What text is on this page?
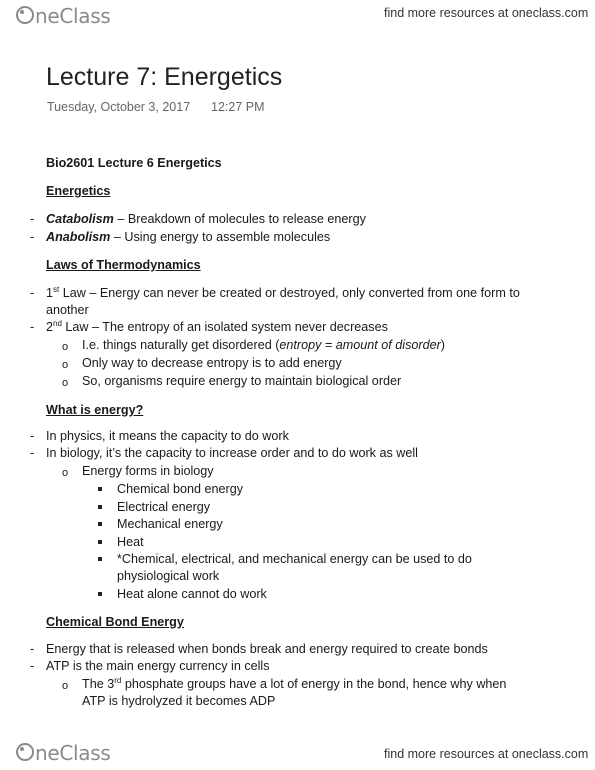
neClass	find more resources at oneclass.com
Lecture 7: Energetics
Tuesday, October 3, 2017 12:27 PM
Bio2601 Lecture 6 Energetics
Energetics
- Catabolism – Breakdown of molecules to release energy
- Anabolism – Using energy to assemble molecules
Laws of Thermodynamics
- 1st Law – Energy can never be created or destroyed, only converted from one form to
another
- 2nd Law – The entropy of an isolated system never decreases
o I.e. things naturally get disordered (entropy = amount of disorder)
o Only way to decrease entropy is to add energy
o So, organisms require energy to maintain biological order
What is energy?
- In physics, it means the capacity to do work
- In biology, it’s the capacity to increase order and to do work as well
o Energy forms in biology
Chemical bond energy
Electrical energy
Mechanical energy
Heat
*Chemical, electrical, and mechanical energy can be used to do
physiological work
Heat alone cannot do work
Chemical Bond Energy
- Energy that is released when bonds break and energy required to create bonds
- ATP is the main energy currency in cells
o The 3rd phosphate groups have a lot of energy in the bond, hence why when
ATP is hydrolyzed it becomes ADP
neClass	find more resources at oneclass.com
